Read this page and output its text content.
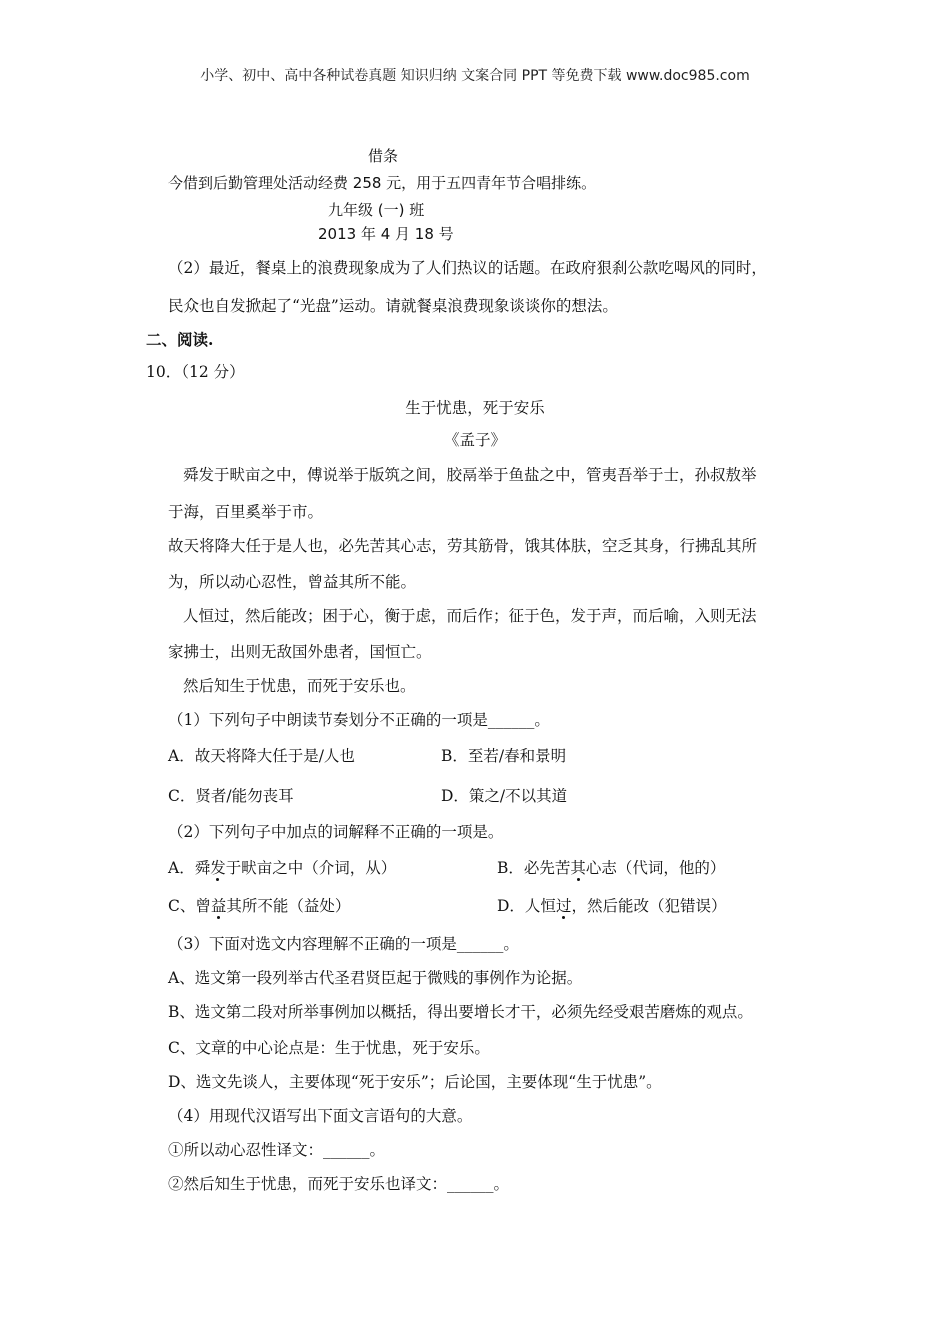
小学、初中、高中各种试卷真题 知识归纳 文案合同 PPT 等免费下载 www.doc985.com
借条
今借到后勤管理处活动经费 258 元，用于五四青年节合唱排练。
九年级 (一) 班
2013 年 4 月 18 号
（2）最近，餐桌上的浪费现象成为了人们热议的话题。在政府狠刹公款吃喝风的同时，
民众也自发掀起了“光盘”运动。请就餐桌浪费现象谈谈你的想法。
二、阅读.
10．（12 分）
生于忧患，死于安乐
《孟子》
舜发于畎亩之中，傅说举于版筑之间，胶鬲举于鱼盐之中，管夷吾举于士，孙叔敖举
于海，百里奚举于市。
故天将降大任于是人也，必先苦其心志，劳其筋骨，饿其体肤，空乏其身，行拂乱其所
为，所以动心忍性，曾益其所不能。
人恒过，然后能改；困于心，衡于虑，而后作；征于色，发于声，而后喻，入则无法
家拂士，出则无敌国外患者，国恒亡。
然后知生于忧患，而死于安乐也。
（1）下列句子中朗读节奏划分不正确的一项是______。
A．故天将降大任于是/人也	B．至若/春和景明
C．贤者/能勿丧耳	D．策之/不以其道
（2）下列句子中加点的词解释不正确的一项是。
A．舜发于畎亩之中（介词，从）	B．必先苦其心志（代词，他的）
C、曾益其所不能（益处）	D．人恒过，然后能改（犯错误）
（3）下面对选文内容理解不正确的一项是______。
A、选文第一段列举古代圣君贤臣起于微贱的事例作为论据。
B、选文第二段对所举事例加以概括，得出要增长才干，必须先经受艰苦磨炼的观点。
C、文章的中心论点是：生于忧患，死于安乐。
D、选文先谈人，主要体现“死于安乐”；后论国，主要体现“生于忧患”。
（4）用现代汉语写出下面文言语句的大意。
①所以动心忍性译文：______。
②然后知生于忧患，而死于安乐也译文：______。
